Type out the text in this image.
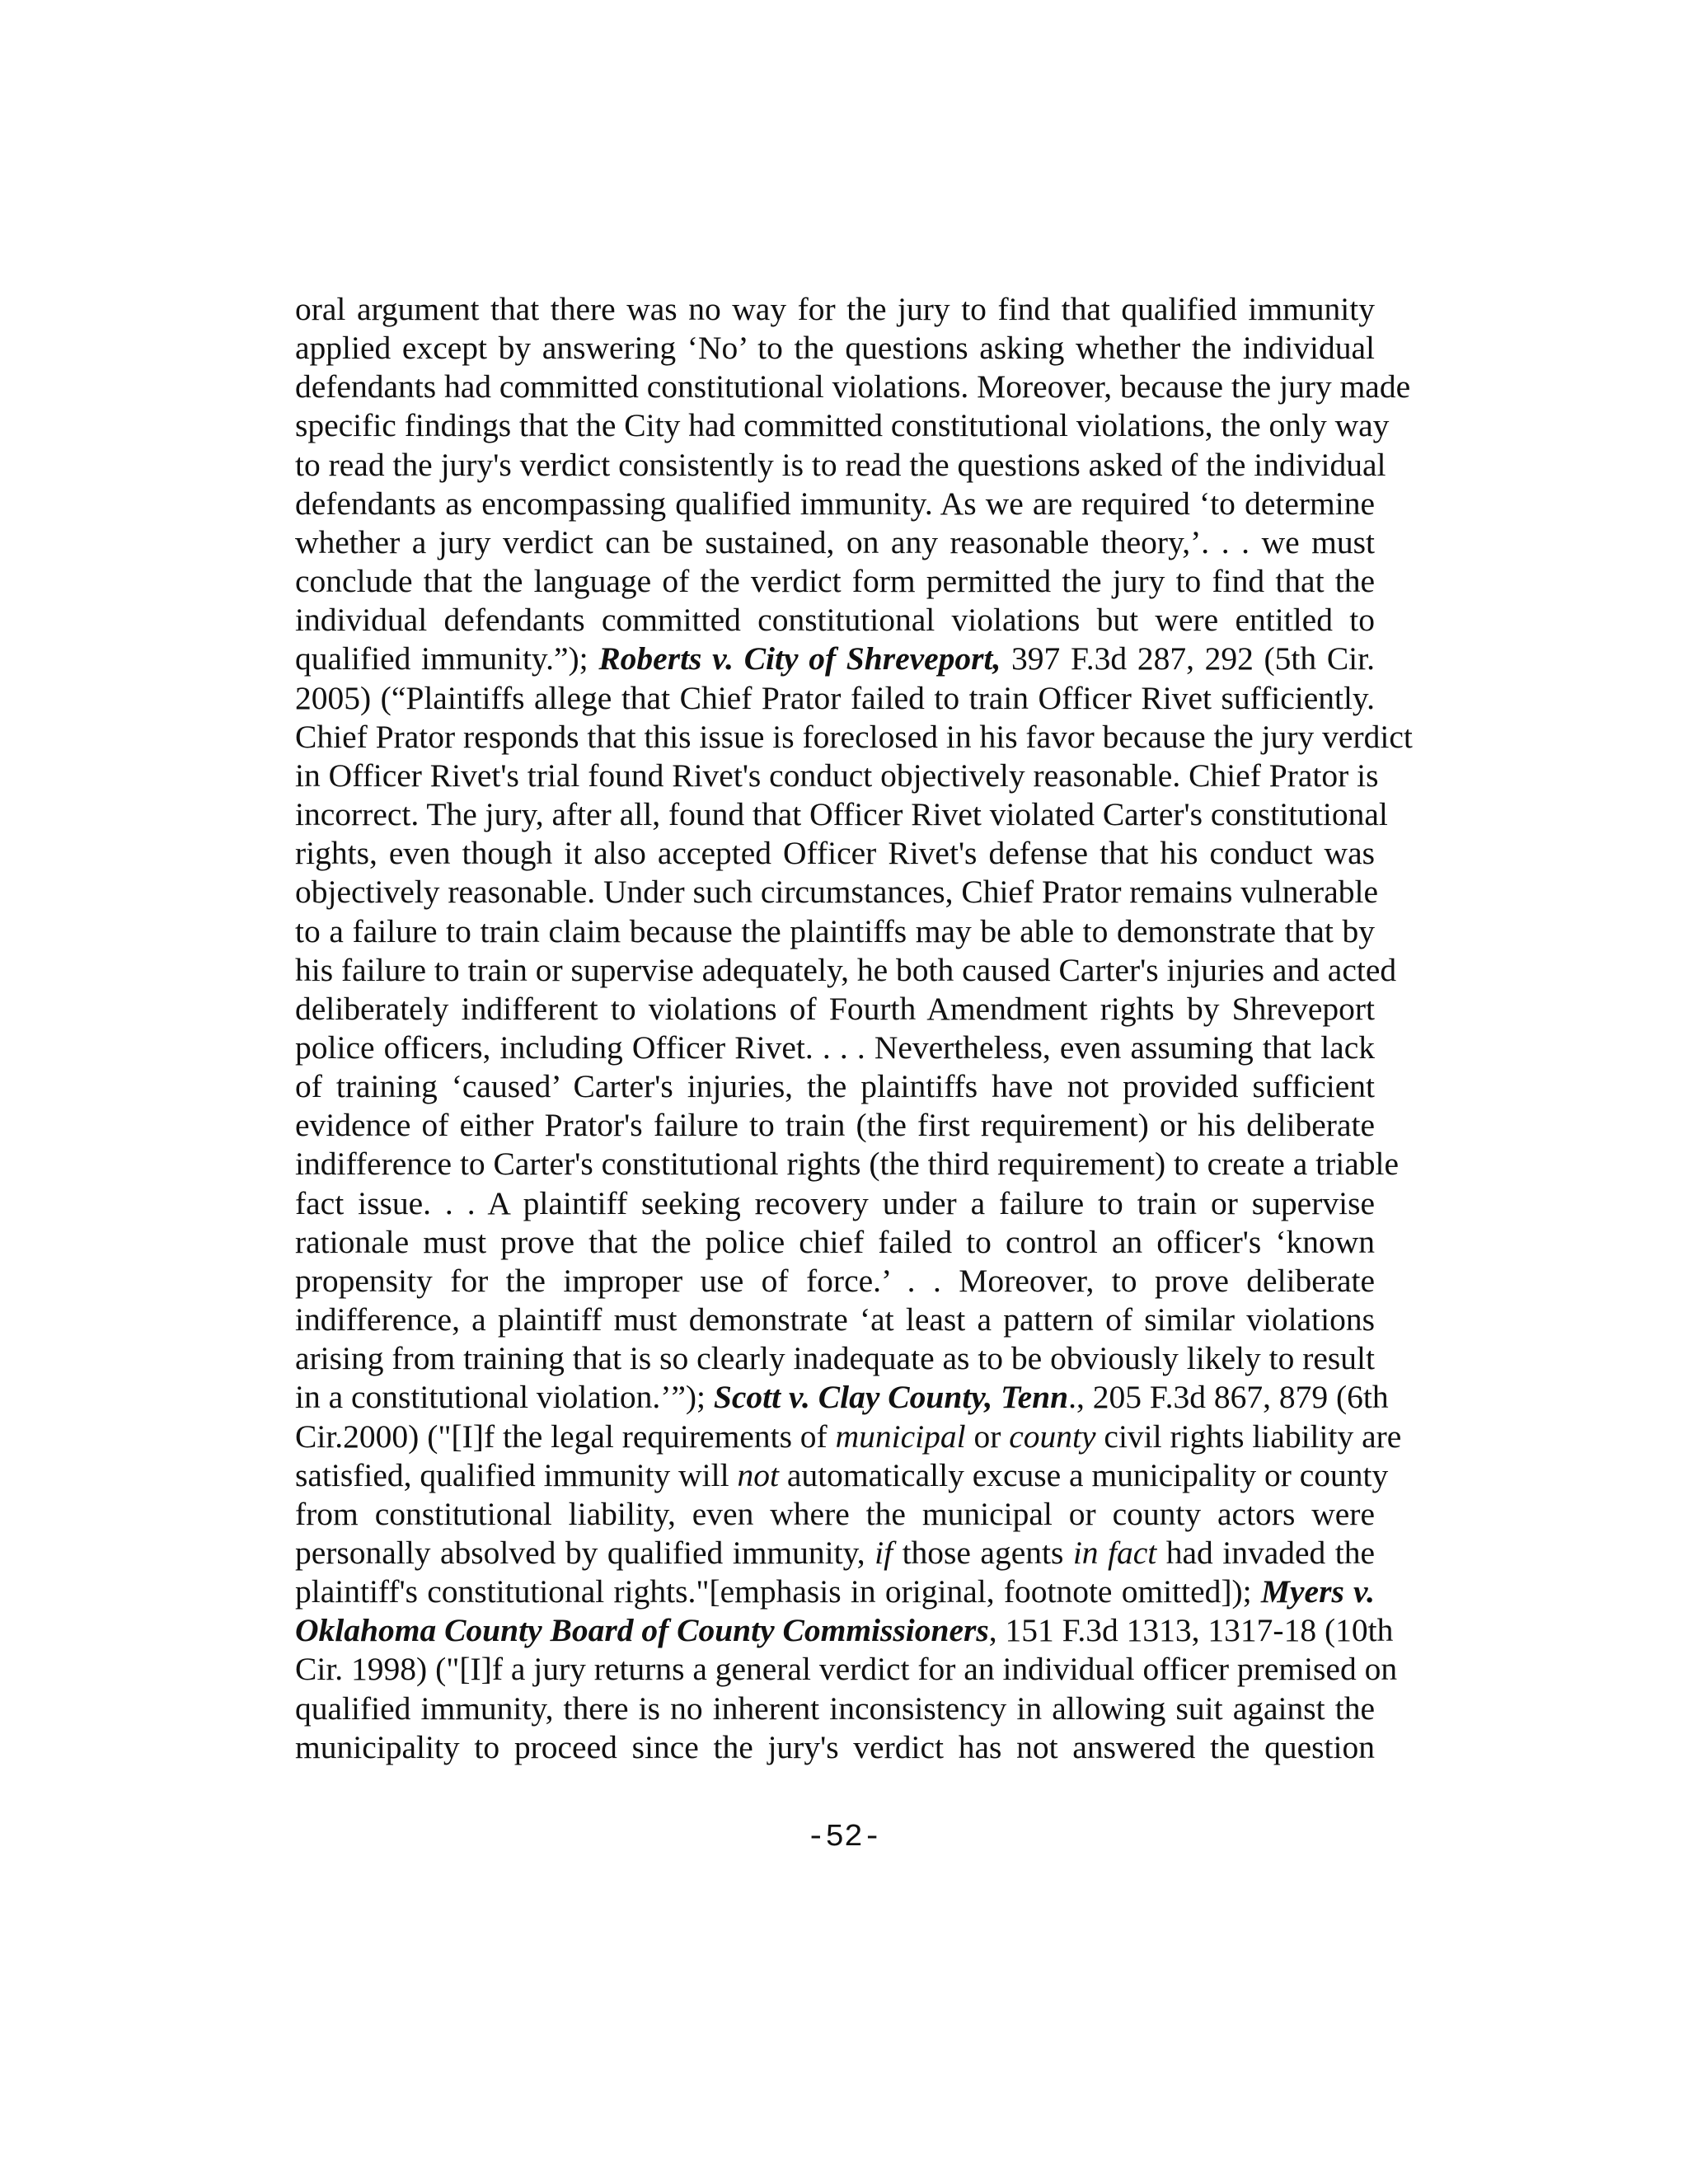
oral argument that there was no way for the jury to find that qualified immunity
applied except by answering ‘No’ to the questions asking whether the individual
defendants had committed constitutional violations. Moreover, because the jury made
specific findings that the City had committed constitutional violations, the only way
to read the jury's verdict consistently is to read the questions asked of the individual
defendants as encompassing qualified immunity. As we are required ‘to determine
whether a jury verdict can be sustained, on any reasonable theory,’. . . we must
conclude that the language of the verdict form permitted the jury to find that the
individual defendants committed constitutional violations but were entitled to
qualified immunity.”); Roberts v. City of Shreveport, 397 F.3d 287, 292 (5th Cir.
2005) (“Plaintiffs allege that Chief Prator failed to train Officer Rivet sufficiently.
Chief Prator responds that this issue is foreclosed in his favor because the jury verdict
in Officer Rivet's trial found Rivet's conduct objectively reasonable. Chief Prator is
incorrect. The jury, after all, found that Officer Rivet violated Carter's constitutional
rights, even though it also accepted Officer Rivet's defense that his conduct was
objectively reasonable. Under such circumstances, Chief Prator remains vulnerable
to a failure to train claim because the plaintiffs may be able to demonstrate that by
his failure to train or supervise adequately, he both caused Carter's injuries and acted
deliberately indifferent to violations of Fourth Amendment rights by Shreveport
police officers, including Officer Rivet. . . . Nevertheless, even assuming that lack
of training ‘caused’ Carter's injuries, the plaintiffs have not provided sufficient
evidence of either Prator's failure to train (the first requirement) or his deliberate
indifference to Carter's constitutional rights (the third requirement) to create a triable
fact issue. . . A plaintiff seeking recovery under a failure to train or supervise
rationale must prove that the police chief failed to control an officer's ‘known
propensity for the improper use of force.’ . . Moreover, to prove deliberate
indifference, a plaintiff must demonstrate ‘at least a pattern of similar violations
arising from training that is so clearly inadequate as to be obviously likely to result
in a constitutional violation.’”); Scott v. Clay County, Tenn., 205 F.3d 867, 879 (6th
Cir.2000) ("[I]f the legal requirements of municipal or county civil rights liability are
satisfied, qualified immunity will not automatically excuse a municipality or county
from constitutional liability, even where the municipal or county actors were
personally absolved by qualified immunity, if those agents in fact had invaded the
plaintiff's constitutional rights."[emphasis in original, footnote omitted]); Myers v.
Oklahoma County Board of County Commissioners, 151 F.3d 1313, 1317-18 (10th
Cir. 1998) ("[I]f a jury returns a general verdict for an individual officer premised on
qualified immunity, there is no inherent inconsistency in allowing suit against the
municipality to proceed since the jury's verdict has not answered the question
-52-
